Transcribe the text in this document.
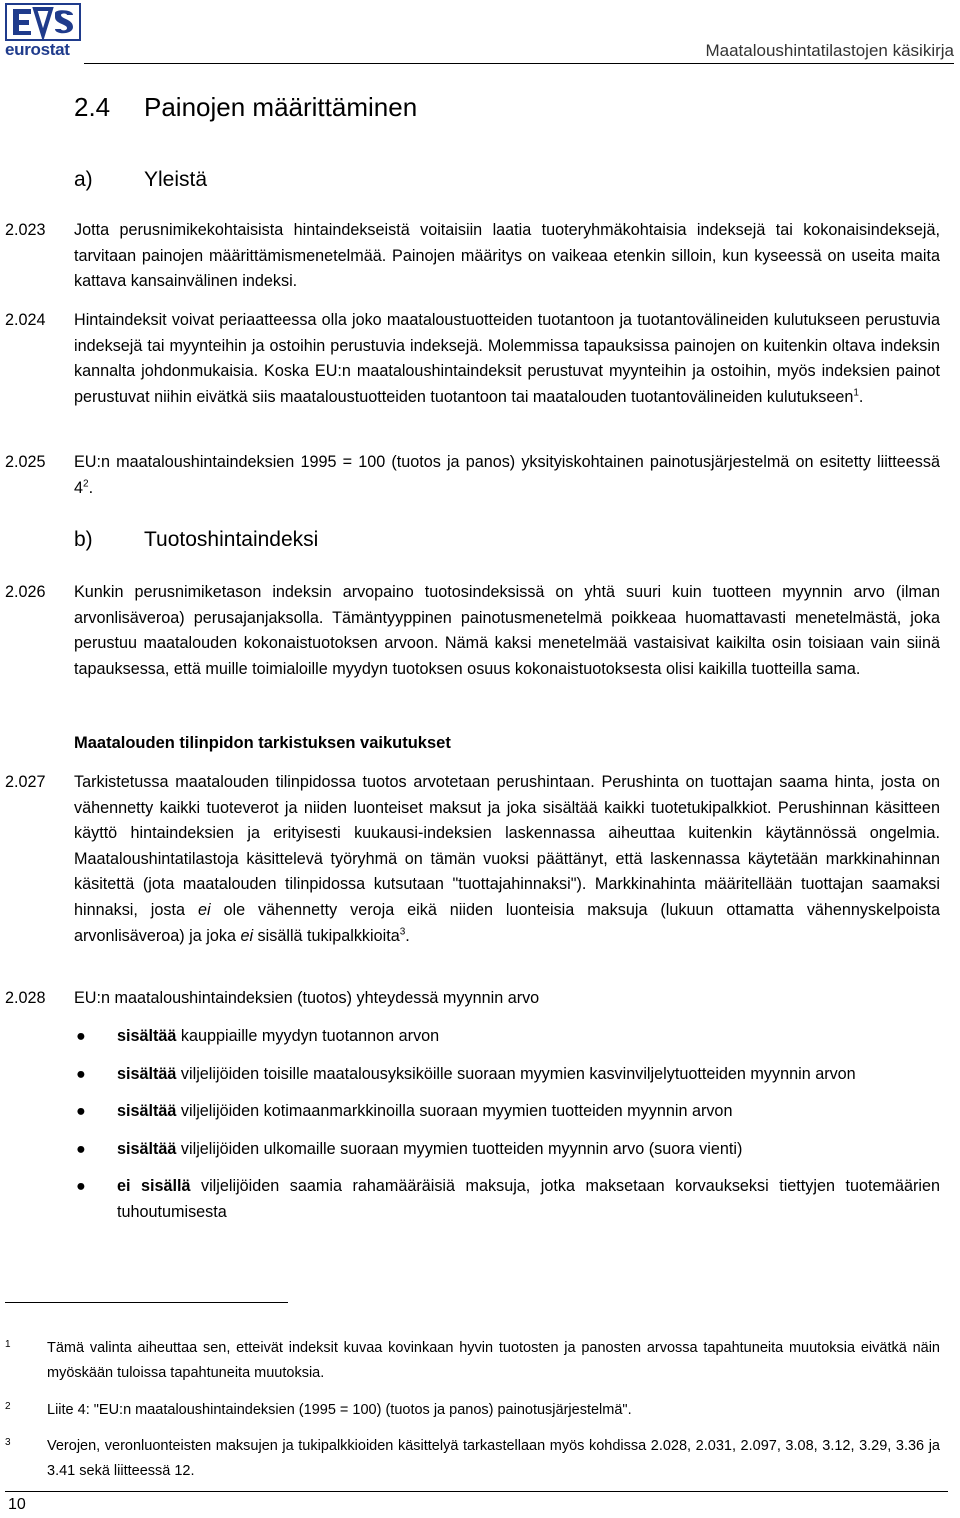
eurostat	Maataloushintatilastojen käsikirja
2.4 Painojen määrittäminen
a) Yleistä
2.023	Jotta perusnimikekohtaisista hintaindekseistä voitaisiin laatia tuoteryhmäkohtaisia indeksejä tai kokonaisindeksejä, tarvitaan painojen määrittämismenetelmää. Painojen määritys on vaikeaa etenkin silloin, kun kyseessä on useita maita kattava kansainvälinen indeksi.
2.024	Hintaindeksit voivat periaatteessa olla joko maataloustuotteiden tuotantoon ja tuotantovälineiden kulutukseen perustuvia indeksejä tai myynteihin ja ostoihin perustuvia indeksejä. Molemmissa tapauksissa painojen on kuitenkin oltava indeksin kannalta johdonmukaisia. Koska EU:n maataloushintaindeksit perustuvat myynteihin ja ostoihin, myös indeksien painot perustuvat niihin eivätkä siis maataloustuotteiden tuotantoon tai maatalouden tuotantovälineiden kulutukseen$^1$.
2.025	EU:n maataloushintaindeksien 1995 = 100 (tuotos ja panos) yksityiskohtainen painotusjärjestelmä on esitetty liitteessä $4^2$.
b) Tuotoshintaindeksi
2.026	Kunkin perusnimiketason indeksin arvopaino tuotosindeksissä on yhtä suuri kuin tuotteen myynnin arvo (ilman arvonlisäveroa) perusajanjaksolla. Tämäntyyppinen painotusmenetelmä poikkeaa huomattavasti menetelmästä, joka perustuu maatalouden kokonaistuotoksen arvoon. Nämä kaksi menetelmää vastaisivat kaikilta osin toisiaan vain siinä tapauksessa, että muille toimialoille myydyn tuotoksen osuus kokonaistuotoksesta olisi kaikilla tuotteilla sama.
Maatalouden tilinpidon tarkistuksen vaikutukset
2.027	Tarkistetussa maatalouden tilinpidossa tuotos arvotetaan perushintaan. Perushinta on tuottajan saama hinta, josta on vähennetty kaikki tuoteverot ja niiden luonteiset maksut ja joka sisältää kaikki tuotetukipalkkiot. Perushinnan käsitteen käyttö hintaindeksien ja erityisesti kuukausi-indeksien laskennassa aiheuttaa kuitenkin käytännössä ongelmia. Maataloushintatilastoja käsittelevä työryhmä on tämän vuoksi päättänyt, että laskennassa käytetään markkinahinnan käsitettä (jota maatalouden tilinpidossa kutsutaan "tuottajahinnaksi"). Markkinahinta määritellään tuottajan saamaksi hinnaksi, josta ei ole vähennetty veroja eikä niiden luonteisia maksuja (lukuun ottamatta vähennyskelpoista arvonlisäveroa) ja joka ei sisällä tukipalkkioita$^3$.
2.028	EU:n maataloushintaindeksien (tuotos) yhteydessä myynnin arvo
● sisältää kauppiaille myydyn tuotannon arvon
● sisältää viljelijöiden toisille maatalousyksiköille suoraan myymien kasvinviljelytuotteiden myynnin arvon
● sisältää viljelijöiden kotimaanmarkkinoilla suoraan myymien tuotteiden myynnin arvon
● sisältää viljelijöiden ulkomaille suoraan myymien tuotteiden myynnin arvo (suora vienti)
● ei sisällä viljelijöiden saamia rahamääräisiä maksuja, jotka maksetaan korvaukseksi tiettyjen tuotemäärien tuhoutumisesta
1	Tämä valinta aiheuttaa sen, etteivät indeksit kuvaa kovinkaan hyvin tuotosten ja panosten arvossa tapahtuneita muutoksia eivätkä näin myöskään tuloissa tapahtuneita muutoksia.
2	Liite 4: "EU:n maataloushintaindeksien (1995 = 100) (tuotos ja panos) painotusjärjestelmä".
3	Verojen, veronluonteisten maksujen ja tukipalkkioiden käsittelyä tarkastellaan myös kohdissa 2.028, 2.031, 2.097, 3.08, 3.12, 3.29, 3.36 ja 3.41 sekä liitteessä 12.
10
